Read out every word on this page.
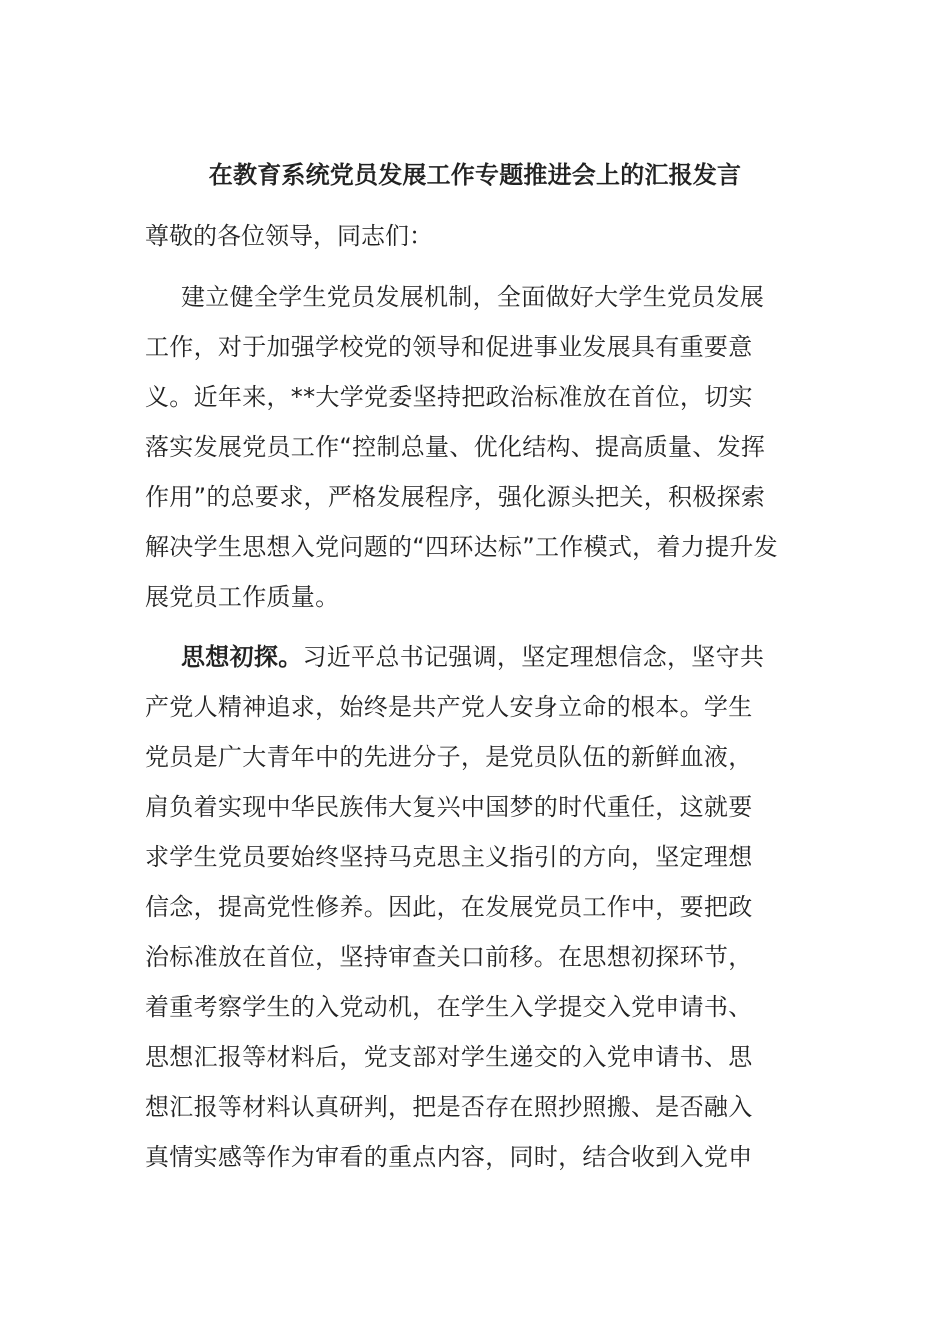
在教育系统党员发展工作专题推进会上的汇报发言
尊敬的各位领导，同志们：
建立健全学生党员发展机制，全面做好大学生党员发展
工作，对于加强学校党的领导和促进事业发展具有重要意
义。近年来，**大学党委坚持把政治标准放在首位，切实
落实发展党员工作“控制总量、优化结构、提高质量、发挥
作用”的总要求，严格发展程序，强化源头把关，积极探索
解决学生思想入党问题的“四环达标”工作模式，着力提升发
展党员工作质量。
思想初探。习近平总书记强调，坚定理想信念，坚守共
产党人精神追求，始终是共产党人安身立命的根本。学生
党员是广大青年中的先进分子，是党员队伍的新鲜血液，
肩负着实现中华民族伟大复兴中国梦的时代重任，这就要
求学生党员要始终坚持马克思主义指引的方向，坚定理想
信念，提高党性修养。因此，在发展党员工作中，要把政
治标准放在首位，坚持审查关口前移。在思想初探环节，
着重考察学生的入党动机，在学生入学提交入党申请书、
思想汇报等材料后，党支部对学生递交的入党申请书、思
想汇报等材料认真研判，把是否存在照抄照搬、是否融入
真情实感等作为审看的重点内容，同时，结合收到入党申
